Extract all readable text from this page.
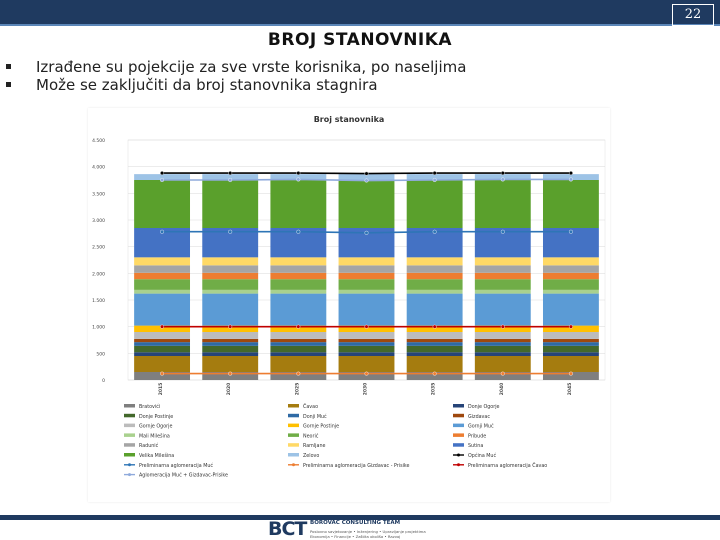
22
BROJ STANOVNIKA
Izrađene su pojekcije za sve vrste korisnika, po naseljima
Može se zaključiti da broj stanovnika stagnira
Broj stanovnika
0
500
1.000
1.500
2.000
2.500
3.000
3.500
4.000
4.500
2015	2020	2025	2030	2035	2040	2045
Bratovići	Čavao	Donje Ogorje
Donje Postinje	Donji Muć	Gizdavac
Gornje Ogorje	Gornje Postinje	Gornji Muć
Mali Milešina	Neorić	Pribude
Radunić	Ramljane	Sutina
Velika Milešina	Zelovo	Općina Muć
Preliminarna aglomeracija Muć	Preliminarna aglomeracija Gizdavac - Prisike	Preliminarna aglomeracija Čavao
Aglomeracija Muć + Gizdavac-Prisike
BCT BOROVAC CONSULTING TEAM
Poslovno savjetovanje • Inženjering • Upravljanje projektima
Ekonomija • Financije • Zaštita okoliša • Razvoj
